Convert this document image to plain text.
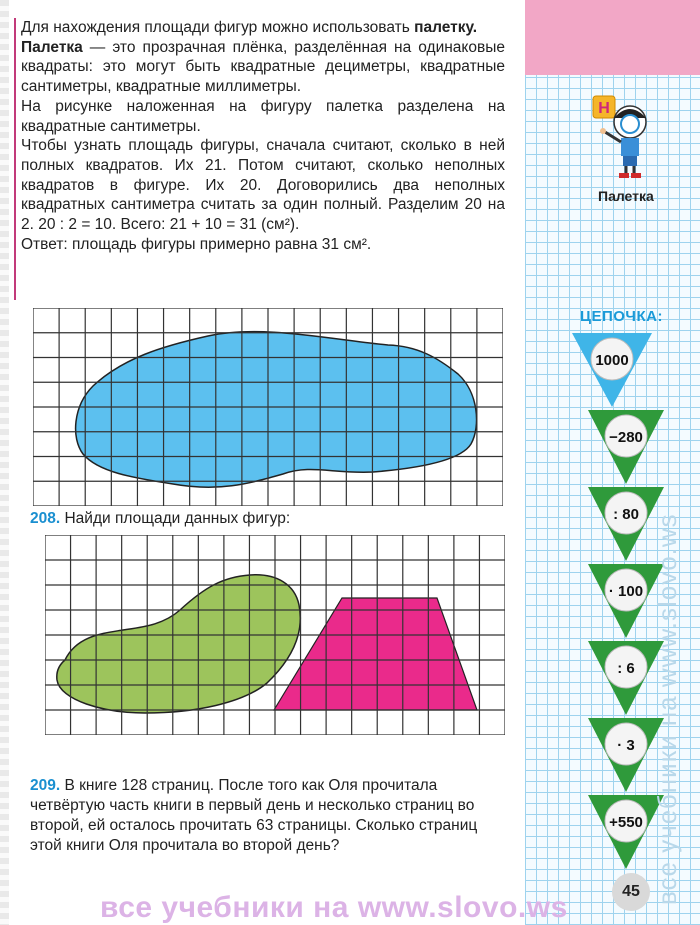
Для нахождения площади фигур можно использовать палетку.

Палетка — это прозрачная плёнка, разделённая на одинаковые квадраты: это могут быть квадратные дециметры, квадратные сантиметры, квадратные миллиметры.

На рисунке наложенная на фигуру палетка разделена на квадратные сантиметры.

Чтобы узнать площадь фигуры, сначала считают, сколько в ней полных квадратов. Их 21. Потом считают, сколько неполных квадратов в фигуре. Их 20. Договорились два неполных квадратных сантиметра считать за один полный. Разделим 20 на 2. 20 : 2 = 10. Всего: 21 + 10 = 31 (см²).

Ответ: площадь фигуры примерно равна 31 см².

208. Найди площади данных фигур:
209. В книге 128 страниц. После того как Оля прочитала четвёртую часть книги в первый день и несколько страниц во второй, ей осталось прочитать 63 страницы. Сколько страниц этой книги Оля прочитала во второй день?
Н
Палетка
ЦЕПОЧКА:
1000
−280
: 80
· 100
: 6
· 3
+550
45
все учебники на www.slovo.ws
все учебники на www.slovo.ws
